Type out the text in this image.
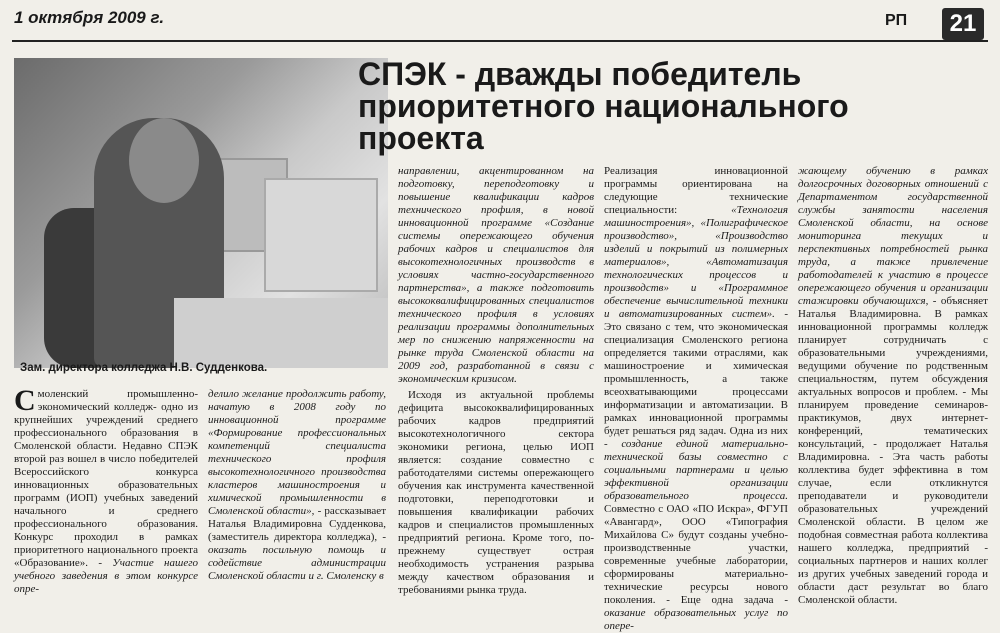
1 октября 2009 г.	РП	21
Зам. директора колледжа Н.В. Судденкова.
СПЭК - дважды победитель приоритетного национального проекта
Смоленский промышленно-экономический колледж- одно из крупнейших учреждений среднего профессионального образования в Смоленской области. Недавно СПЭК второй раз вошел в число победителей Всероссийского конкурса инновационных образовательных программ (ИОП) учебных заведений начального и среднего профессионального образования. Конкурс проходил в рамках приоритетного национального проекта «Образование». - Участие нашего учебного заведения в этом конкурсе опре-
делило желание продолжить работу, начатую в 2008 году по инновационной программе «Формирование профессиональных компетенций специалиста технического профиля высокотехнологичного производства кластеров машиностроения и химической промышленности в Смоленской области», - рассказывает Наталья Владимировна Судденкова, (заместитель директора колледжа), - оказать посильную помощь и содействие администрации Смоленской области и г. Смоленску в

направлении, акцентированном на подготовку, переподготовку и повышение квалификации кадров технического профиля, в новой инновационной программе «Создание системы опережающего обучения рабочих кадров и специалистов для высокотехнологичных производств в условиях частно-государственного партнерства», а также подготовить высококвалифицированных специалистов технического профиля в условиях реализации программы дополнительных мер по снижению напряженности на рынке труда Смоленской области на 2009 год, разработанной в связи с экономическим кризисом.

Исходя из актуальной проблемы дефицита высококвалифицированных рабочих кадров предприятий высокотехнологичного сектора экономики региона, целью ИОП является: создание совместно с работодателями системы опережающего обучения как инструмента качественной подготовки, переподготовки и повышения квалификации рабочих кадров и специалистов промышленных предприятий региона. Кроме того, по-прежнему существует острая необходимость устранения разрыва между качеством образования и требованиями рынка труда.

Реализация инновационной программы ориентирована на следующие технические специальности:	«Технология машиностроения», «Полиграфическое производство», «Производство изделий и покрытий из полимерных материалов», «Автоматизация технологических процессов и производств» и «Программное обеспечение вычислительной техники и автоматизированных систем». - Это связано с тем, что экономическая специализация Смоленского региона определяется такими отраслями, как машиностроение и химическая промышленность, а также всеохватывающими процессами информатизации и автоматизации. В рамках инновационной программы будет решаться ряд задач. Одна из них - создание единой материально-технической базы совместно с социальными партнерами и целью эффективной организации образовательного процесса. Совместно с ОАО «ПО Искра», ФГУП «Авангард», ООО «Типография Михайлова С» будут созданы учебно-производственные участки, современные учебные лаборатории, сформированы материально-технические ресурсы нового поколения. - Еще одна задача - оказание образовательных услуг по опере-
жающему обучению в рамках долгосрочных договорных отношений с Департаментом государственной службы занятости населения Смоленской области, на основе мониторинга текущих и перспективных потребностей рынка труда, а также привлечение работодателей к участию в процессе опережающего обучения и организации стажировки обучающихся, - объясняет Наталья Владимировна. В рамках инновационной программы колледж планирует сотрудничать с образовательными учреждениями, ведущими обучение по родственным специальностям, путем обсуждения актуальных вопросов и проблем. - Мы планируем проведение семинаров-практикумов, двух интернет-конференций, тематических консультаций, - продолжает Наталья Владимировна. - Эта часть работы коллектива будет эффективна в том случае, если откликнутся преподаватели и руководители образовательных учреждений Смоленской области. В целом же подобная совместная работа коллектива нашего колледжа, предприятий - социальных партнеров и наших коллег из других учебных заведений города и области даст результат во благо Смоленской области.
